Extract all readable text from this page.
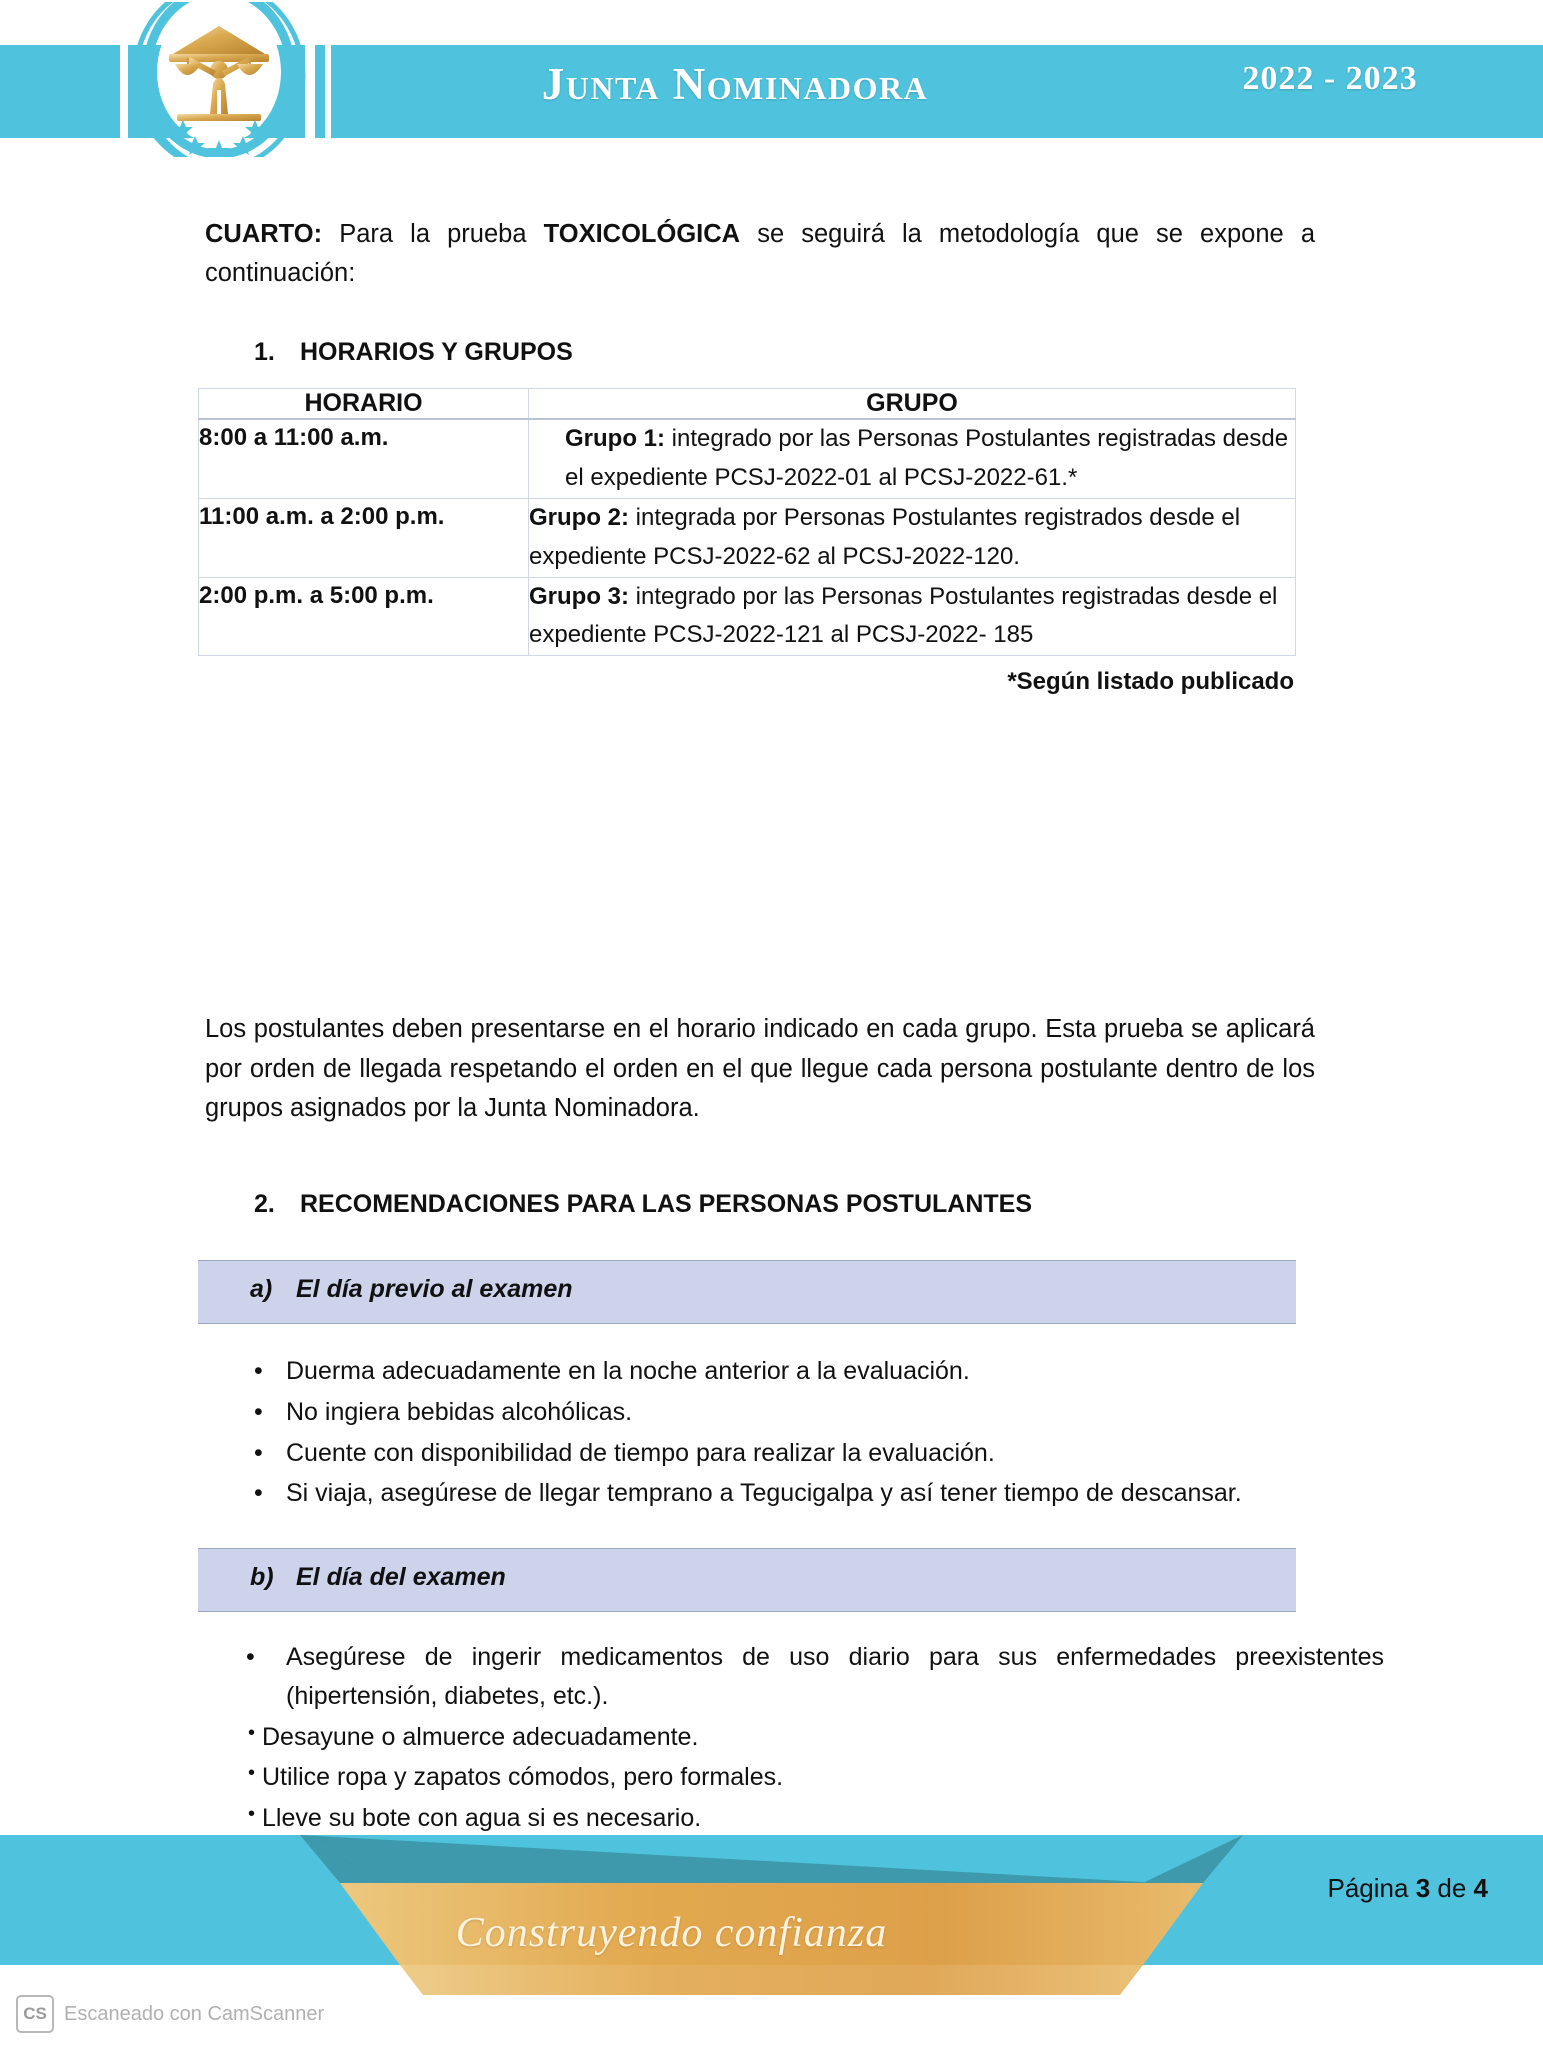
Junta Nominadora	2022 - 2023
CUARTO: Para la prueba TOXICOLÓGICA se seguirá la metodología que se expone a continuación:
1. HORARIOS Y GRUPOS
HORARIO	GRUPO
8:00 a 11:00 a.m.	Grupo 1: integrado por las Personas Postulantes registradas desde el expediente PCSJ-2022-01 al PCSJ-2022-61.*
11:00 a.m. a 2:00 p.m.	Grupo 2: integrada por Personas Postulantes registrados desde el expediente PCSJ-2022-62 al PCSJ-2022-120.
2:00 p.m. a 5:00 p.m.	Grupo 3: integrado por las Personas Postulantes registradas desde el expediente PCSJ-2022-121 al PCSJ-2022- 185
*Según listado publicado
Los postulantes deben presentarse en el horario indicado en cada grupo. Esta prueba se aplicará por orden de llegada respetando el orden en el que llegue cada persona postulante dentro de los grupos asignados por la Junta Nominadora.
2. RECOMENDACIONES PARA LAS PERSONAS POSTULANTES
a) El día previo al examen
• Duerma adecuadamente en la noche anterior a la evaluación.
• No ingiera bebidas alcohólicas.
• Cuente con disponibilidad de tiempo para realizar la evaluación.
• Si viaja, asegúrese de llegar temprano a Tegucigalpa y así tener tiempo de descansar.
b) El día del examen
• Asegúrese de ingerir medicamentos de uso diario para sus enfermedades preexistentes (hipertensión, diabetes, etc.).
• Desayune o almuerce adecuadamente.
• Utilice ropa y zapatos cómodos, pero formales.
• Lleve su bote con agua si es necesario.
Construyendo confianza
Página 3 de 4
CS Escaneado con CamScanner
